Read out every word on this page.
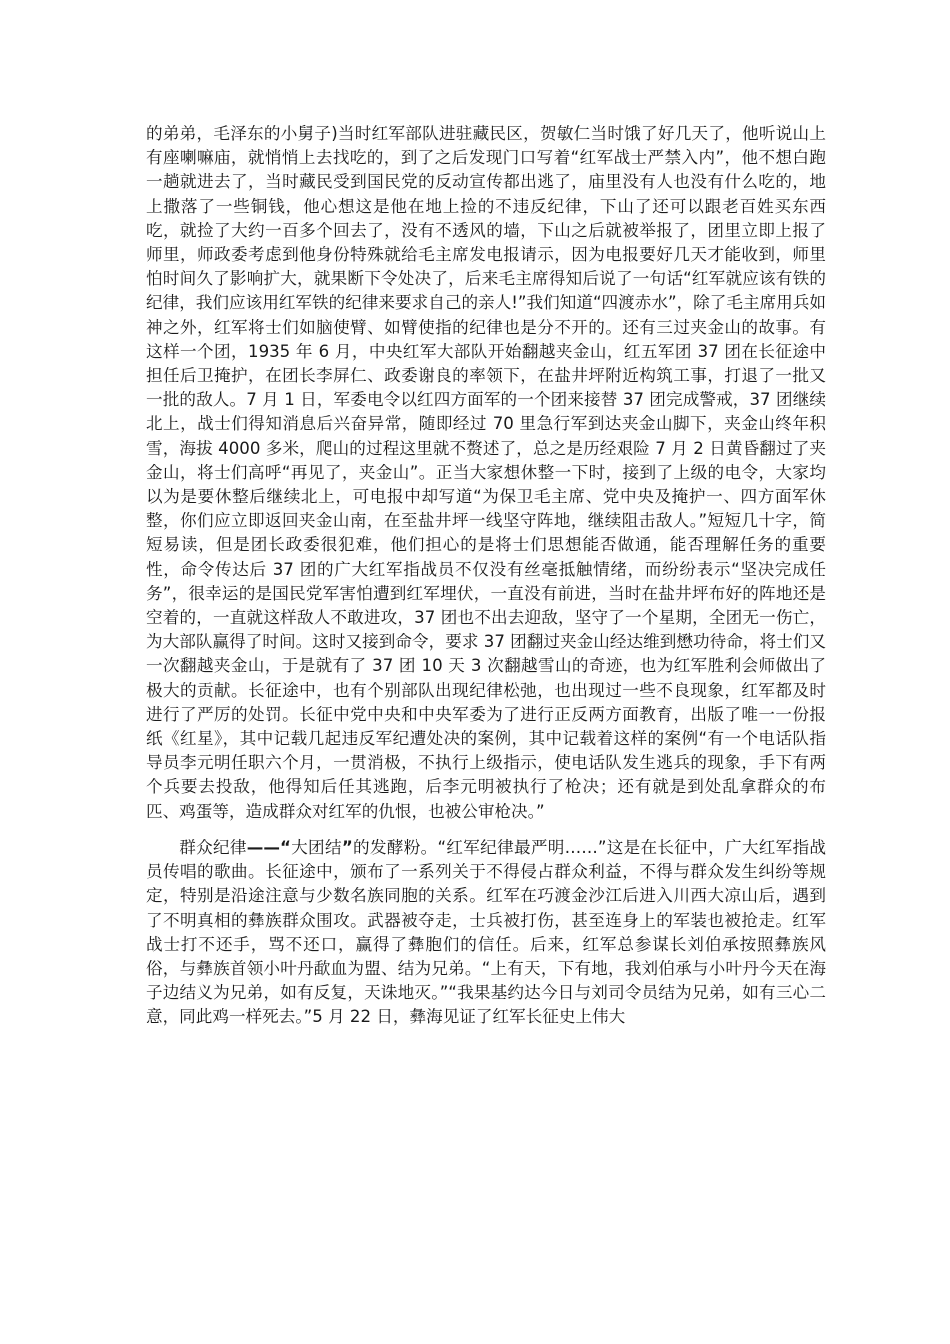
的弟弟，毛泽东的小舅子)当时红军部队进驻藏民区，贺敏仁当时饿了好几天了，他听说山上有座喇嘛庙，就悄悄上去找吃的，到了之后发现门口写着“红军战士严禁入内”，他不想白跑一趟就进去了，当时藏民受到国民党的反动宣传都出逃了，庙里没有人也没有什么吃的，地上撒落了一些铜钱，他心想这是他在地上捡的不违反纪律，下山了还可以跟老百姓买东西吃，就捡了大约一百多个回去了，没有不透风的墙，下山之后就被举报了，团里立即上报了师里，师政委考虑到他身份特殊就给毛主席发电报请示，因为电报要好几天才能收到，师里怕时间久了影响扩大，就果断下令处决了，后来毛主席得知后说了一句话“红军就应该有铁的纪律，我们应该用红军铁的纪律来要求自己的亲人!”我们知道“四渡赤水”，除了毛主席用兵如神之外，红军将士们如脑使臂、如臂使指的纪律也是分不开的。还有三过夹金山的故事。有这样一个团，1935 年 6 月，中央红军大部队开始翻越夹金山，红五军团 37 团在长征途中担任后卫掩护，在团长李屏仁、政委谢良的率领下，在盐井坪附近构筑工事，打退了一批又一批的敌人。7 月 1 日，军委电令以红四方面军的一个团来接替 37 团完成警戒，37 团继续北上，战士们得知消息后兴奋异常，随即经过 70 里急行军到达夹金山脚下，夹金山终年积雪，海拔 4000 多米，爬山的过程这里就不赘述了，总之是历经艰险 7 月 2 日黄昏翻过了夹金山，将士们高呼“再见了，夹金山”。正当大家想休整一下时，接到了上级的电令，大家均以为是要休整后继续北上，可电报中却写道“为保卫毛主席、党中央及掩护一、四方面军休整，你们应立即返回夹金山南，在至盐井坪一线坚守阵地，继续阻击敌人。”短短几十字，简短易读，但是团长政委很犯难，他们担心的是将士们思想能否做通，能否理解任务的重要性，命令传达后 37 团的广大红军指战员不仅没有丝毫抵触情绪，而纷纷表示“坚决完成任务”，很幸运的是国民党军害怕遭到红军埋伏，一直没有前进，当时在盐井坪布好的阵地还是空着的，一直就这样敌人不敢进攻，37 团也不出去迎敌，坚守了一个星期，全团无一伤亡，为大部队赢得了时间。这时又接到命令，要求 37 团翻过夹金山经达维到懋功待命，将士们又一次翻越夹金山，于是就有了 37 团 10 天 3 次翻越雪山的奇迹，也为红军胜利会师做出了极大的贡献。长征途中，也有个别部队出现纪律松弛，也出现过一些不良现象，红军都及时进行了严厉的处罚。长征中党中央和中央军委为了进行正反两方面教育，出版了唯一一份报纸《红星》，其中记载几起违反军纪遭处决的案例，其中记载着这样的案例“有一个电话队指导员李元明任职六个月，一贯消极，不执行上级指示，使电话队发生逃兵的现象，手下有两个兵要去投敌，他得知后任其逃跑，后李元明被执行了枪决；还有就是到处乱拿群众的布匹、鸡蛋等，造成群众对红军的仇恨，也被公审枪决。”

群众纪律——“大团结”的发酵粉。“红军纪律最严明……”这是在长征中，广大红军指战员传唱的歌曲。长征途中，颁布了一系列关于不得侵占群众利益，不得与群众发生纠纷等规定，特别是沿途注意与少数名族同胞的关系。红军在巧渡金沙江后进入川西大凉山后，遇到了不明真相的彝族群众围攻。武器被夺走，士兵被打伤，甚至连身上的军装也被抢走。红军战士打不还手，骂不还口，赢得了彝胞们的信任。后来，红军总参谋长刘伯承按照彝族风俗，与彝族首领小叶丹歃血为盟、结为兄弟。“上有天，下有地，我刘伯承与小叶丹今天在海子边结义为兄弟，如有反复，天诛地灭。”“我果基约达今日与刘司令员结为兄弟，如有三心二意，同此鸡一样死去。”5 月 22 日，彝海见证了红军长征史上伟大
